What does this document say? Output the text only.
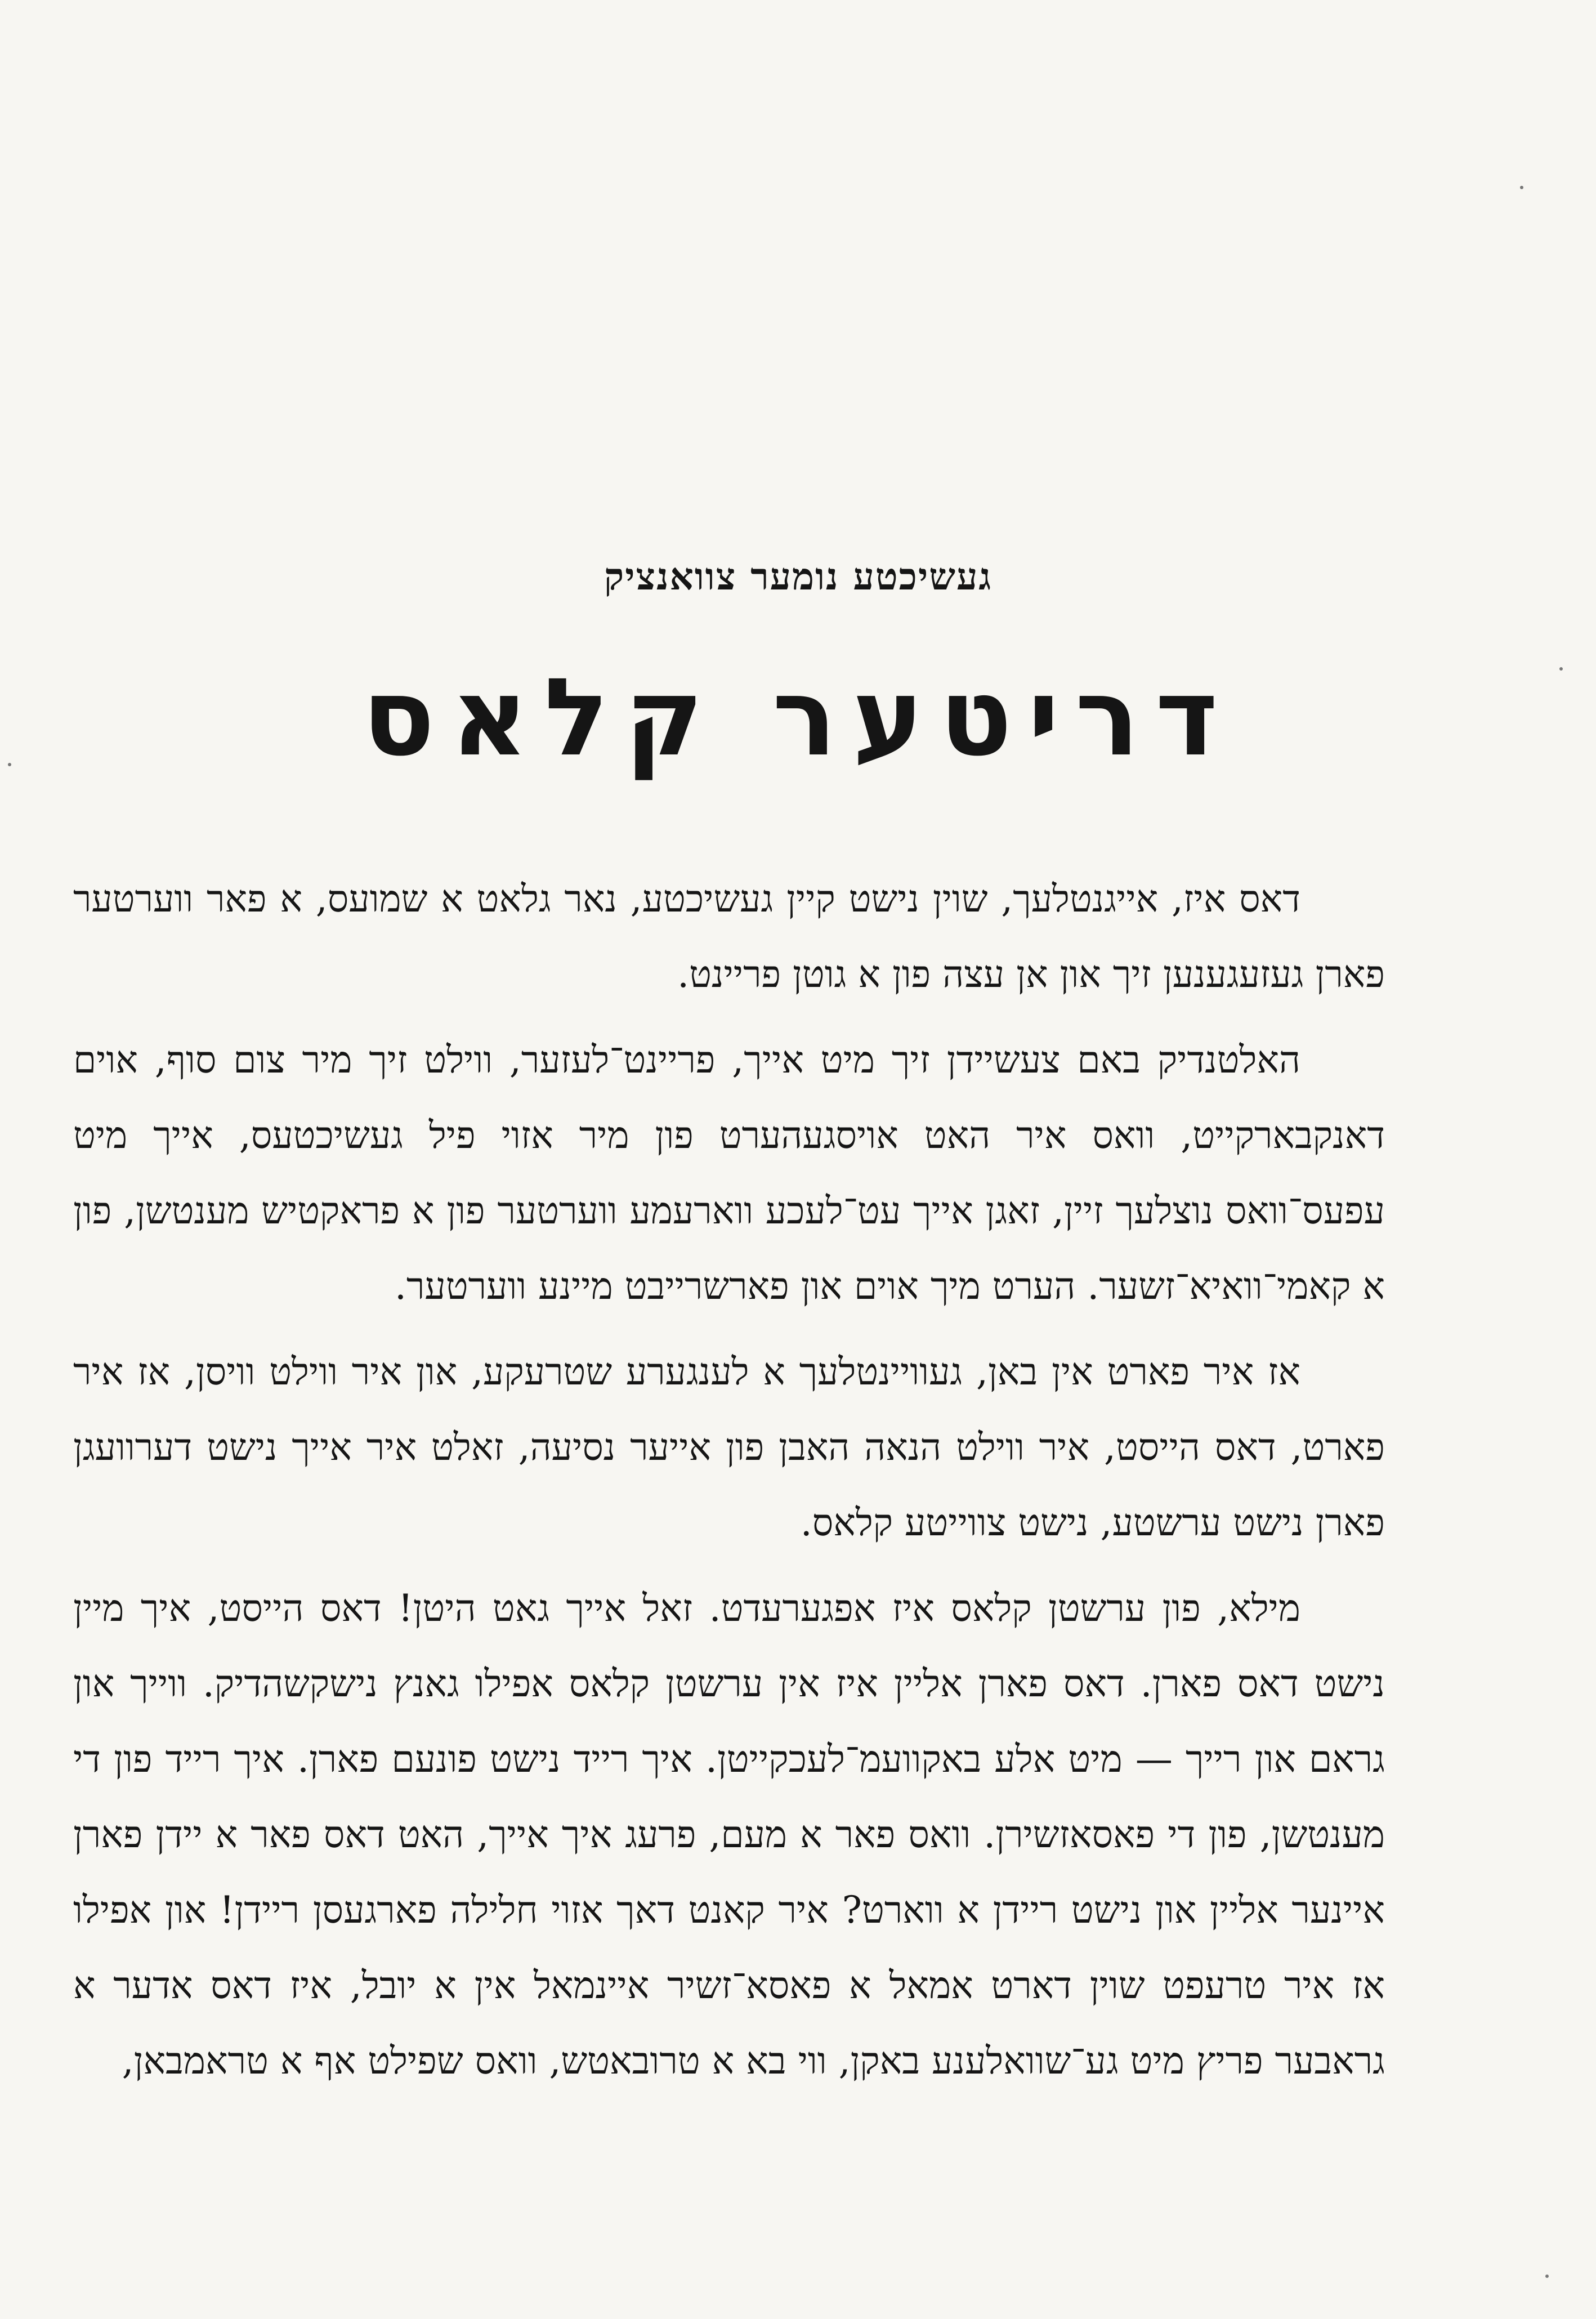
געשיכטע נומער צוואנציק
דריטער קלאס

דאס איז, אייגנטלעך, שוין נישט קיין געשיכטע, נאר גלאט א שמועס, א פאר ווערטער פארן געזעגענען זיך און אן עצה פון א גוטן פריינט.

האלטנדיק באם צעשיידן זיך מיט אייך, פריינט־לעזער, ווילט זיך מיר צום סוף, אוים דאנקבארקייט, וואס איר האט אויסגעהערט פון מיר אזוי פיל געשיכטעס, אייך מיט עפעס־וואס נוצלעך זיין, זאגן אייך עט־לעכע ווארעמע ווערטער פון א פראקטיש מענטשן, פון א קאמי־וואיא־זשער. הערט מיך אוים און פארשרייבט מיינע ווערטער.

אז איר פארט אין באן, געוויינטלעך א לענגערע שטרעקע, און איר ווילט וויסן, אז איר פארט, דאס הייסט, איר ווילט הנאה האבן פון אייער נסיעה, זאלט איר אייך נישט דערוועגן פארן נישט ערשטע, נישט צווייטע קלאס.

מילא, פון ערשטן קלאס איז אפגערעדט. זאל אייך גאט היטן! דאס הייסט, איך מיין נישט דאס פארן. דאס פארן אליין איז אין ערשטן קלאס אפילו גאנץ נישקשהדיק. ווייך און גראם און רייך — מיט אלע באקוועמ־לעכקייטן. איך רייד נישט פונעם פארן. איך רייד פון די מענטשן, פון די פאסאזשירן. וואס פאר א מעם, פרעג איך אייך, האט דאס פאר א יידן פארן איינער אליין און נישט ריידן א ווארט? איר קאנט דאך אזוי חלילה פארגעסן ריידן! און אפילו אז איר טרעפט שוין דארט אמאל א פאסא־זשיר איינמאל אין א יובל, איז דאס אדער א גראבער פריץ מיט גע־שוואלענע באקן, ווי בא א טרובאטש, וואס שפילט אף א טראמבאן,
